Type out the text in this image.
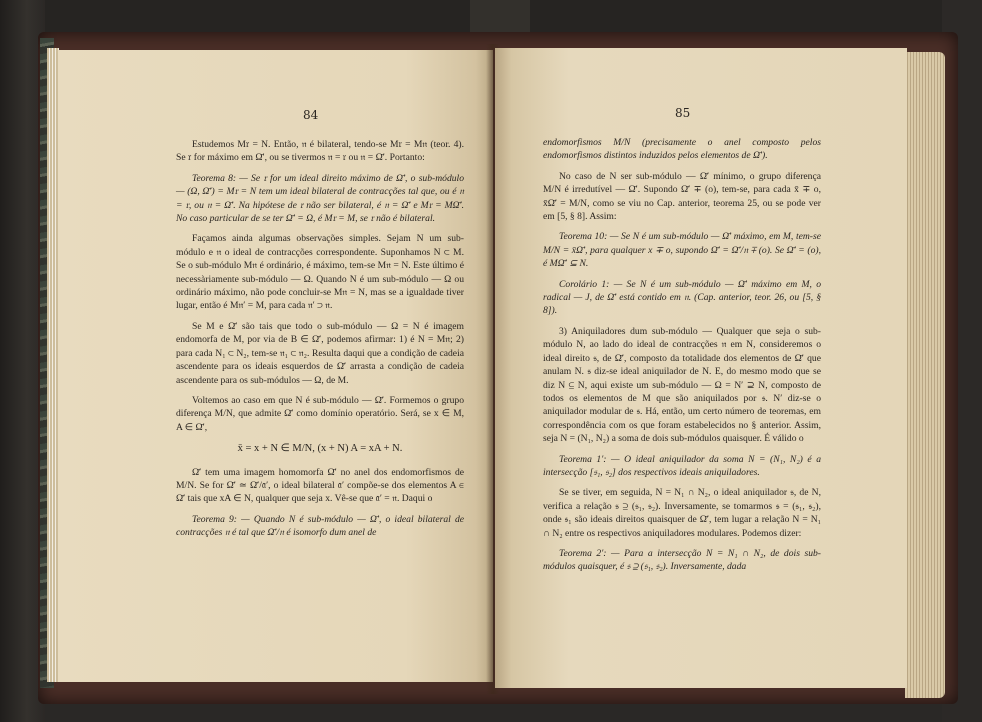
84

Estudemos M𝔯 = N. Então, 𝔫 é bilateral, tendo-se M𝔯 = M𝔫 (teor. 4). Se 𝔯 for máximo em Ω̄′, ou se tivermos 𝔫 = 𝔯 ou 𝔫 = Ω̄′. Portanto:

Teorema 8: — Se 𝔯 for um ideal direito máximo de Ω̄′, o sub-módulo — (Ω, Ω̄′) = M𝔯 = N tem um ideal bilateral de contracções tal que, ou é 𝔫 = 𝔯, ou 𝔫 = Ω̄′. Na hipótese de 𝔯 não ser bilateral, é 𝔫 = Ω̄′ e M𝔯 = MΩ̄′. No caso particular de se ter Ω̄′ = Ω, é M𝔯 = M, se 𝔯 não é bilateral.

Façamos ainda algumas observações simples. Sejam N um sub-módulo e 𝔫 o ideal de contracções correspondente. Suponhamos N ⊂ M. Se o sub-módulo M𝔫 é ordinário, é máximo, tem-se M𝔫 = N. Este último é necessàriamente sub-módulo — Ω. Quando N é um sub-módulo — Ω ou ordinário máximo, não pode concluir-se M𝔫 = N, mas se a igualdade tiver lugar, então é M𝔫′ = M, para cada 𝔫′ ⊃ 𝔫.

Se M e Ω̄′ são tais que todo o sub-módulo — Ω = N é imagem endomorfa de M, por via de B ∈ Ω̄′, podemos afirmar: 1) é N = M𝔫; 2) para cada N₁ ⊂ N₂, tem-se 𝔫₁ ⊂ 𝔫₂. Resulta daqui que a condição de cadeia ascendente para os ideais esquerdos de Ω̄′ arrasta a condição de cadeia ascendente para os sub-módulos — Ω, de M.

Voltemos ao caso em que N é sub-módulo — Ω̄′. Formemos o grupo diferença M/N, que admite Ω̄′ como domínio operatório. Será, se x ∈ M, A ∈ Ω̄′,

x̄ = x + N ∈ M/N, (x + N) A = xA + N.

Ω̄′ tem uma imagem homomorfa Ω̄′ no anel dos endomorfismos de M/N. Se for Ω̄′ ≃ Ω̄′/𝔞′, o ideal bilateral 𝔞′ compõe-se dos elementos A ∈ Ω̄′ tais que xA ∈ N, qualquer que seja x. Vê-se que 𝔞′ = 𝔫. Daqui o

Teorema 9: — Quando N é sub-módulo — Ω̄′, o ideal bilateral de contracções 𝔫 é tal que Ω̄′/𝔫 é isomorfo dum anel de

85

endomorfismos M/N (precisamente o anel composto pelos endomorfismos distintos induzidos pelos elementos de Ω̄′).

No caso de N ser sub-módulo — Ω̄′ mínimo, o grupo diferença M/N é irredutível — Ω̄′. Supondo Ω̄′ ∓ (o), tem-se, para cada x̄ ∓ o, x̄Ω̄′ = M/N, como se viu no Cap. anterior, teorema 25, ou se pode ver em [5, § 8]. Assim:

Teorema 10: — Se N é um sub-módulo — Ω̄′ máximo, em M, tem-se M/N = x̄Ω̄′, para qualquer x ∓ o, supondo Ω̄′ = Ω̄′/𝔫 ∓ (o). Se Ω̄′ = (o), é MΩ̄′ ⊆ N.

Corolário 1: — Se N é um sub-módulo — Ω̄′ máximo em M, o radical — J, de Ω̄′ está contido em 𝔫. (Cap. anterior, teor. 26, ou [5, § 8]).

3) Aniquiladores dum sub-módulo — Qualquer que seja o sub-módulo N, ao lado do ideal de contracções 𝔫 em N, consideremos o ideal direito 𝔰, de Ω̄′, composto da totalidade dos elementos de Ω̄′ que anulam N. 𝔰 diz-se ideal aniquilador de N. E, do mesmo modo que se diz N ⊆ N, aqui existe um sub-módulo — Ω = N′ ⊇ N, composto de todos os elementos de M que são aniquilados por 𝔰. N′ diz-se o aniquilador modular de 𝔰. Há, então, um certo número de teoremas, em correspondência com os que foram estabelecidos no § anterior. Assim, seja N = (N₁, N₂) a soma de dois sub-módulos quaisquer. É válido o

Teorema 1′: — O ideal aniquilador da soma N = (N₁, N₂) é a intersecção [𝔰₁, 𝔰₂] dos respectivos ideais aniquiladores.

Se se tiver, em seguida, N = N₁ ∩ N₂, o ideal aniquilador 𝔰, de N, verifica a relação 𝔰 ⊇ (𝔰₁, 𝔰₂). Inversamente, se tomarmos 𝔰 = (𝔰₁, 𝔰₂), onde 𝔰₁ são ideais direitos quaisquer de Ω̄′, tem lugar a relação N = N₁ ∩ N₂ entre os respectivos aniquiladores modulares. Podemos dizer:

Teorema 2′: — Para a intersecção N = N₁ ∩ N₂, de dois sub-módulos quaisquer, é 𝔰 ⊇ (𝔰₁, 𝔰₂). Inversamente, dada
